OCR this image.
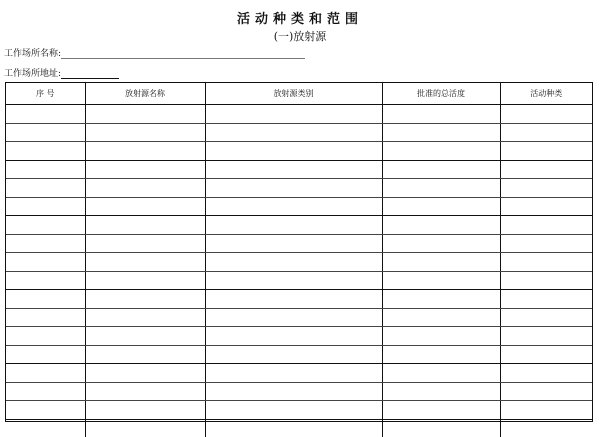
活动种类和范围
(一)放射源
工作场所名称:
工作场所地址:
序 号	放射源名称	放射源类别	批准的总活度	活动种类
